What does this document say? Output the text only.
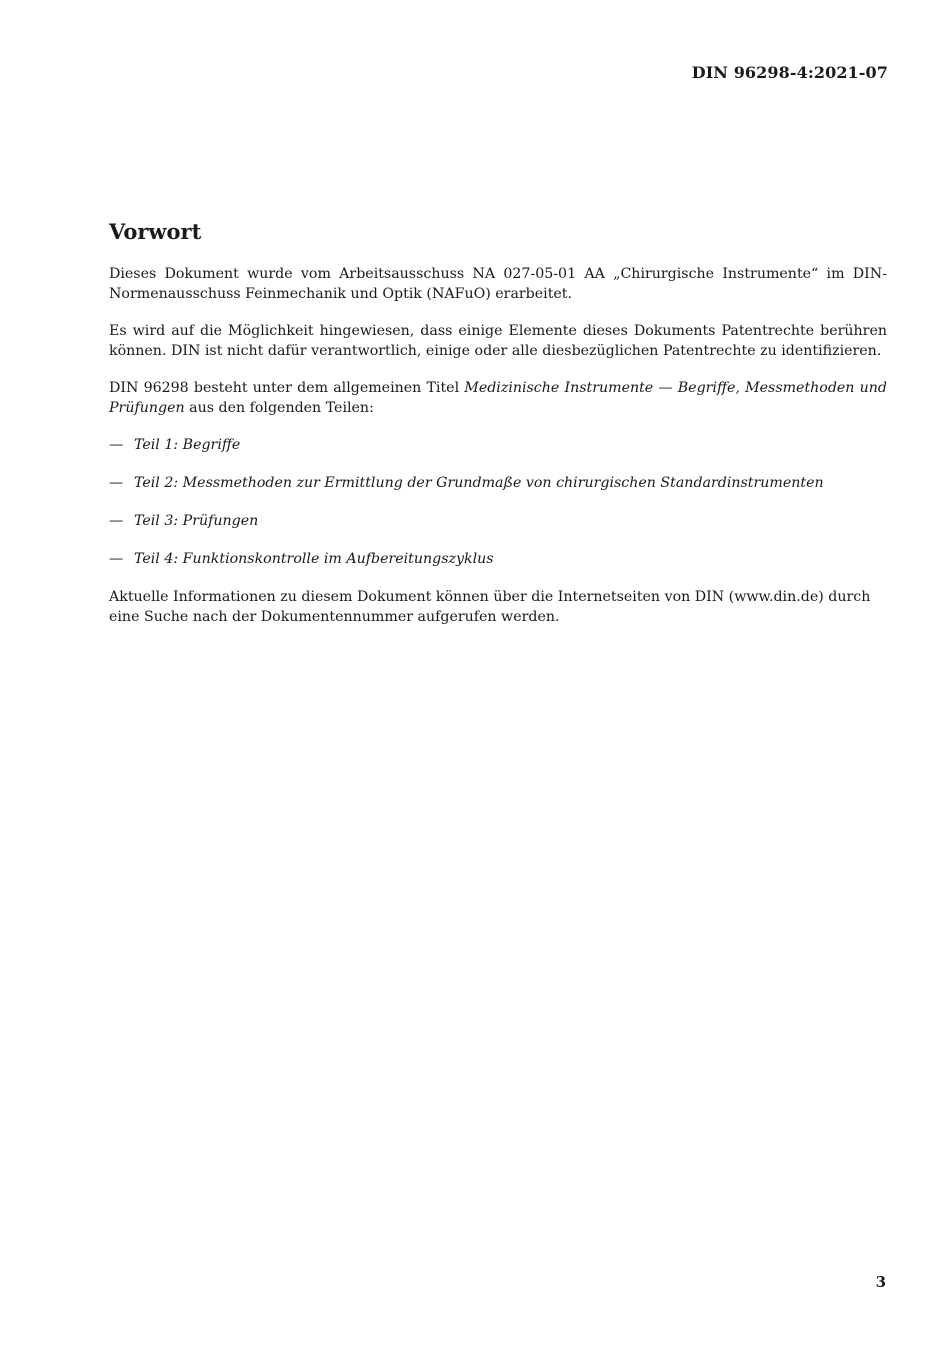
DIN 96298-4:2021-07
Vorwort

Dieses Dokument wurde vom Arbeitsausschuss NA 027-05-01 AA „Chirurgische Instrumente“ im DIN-Normenausschuss Feinmechanik und Optik (NAFuO) erarbeitet.

Es wird auf die Möglichkeit hingewiesen, dass einige Elemente dieses Dokuments Patentrechte berühren können. DIN ist nicht dafür verantwortlich, einige oder alle diesbezüglichen Patentrechte zu identifizieren.

DIN 96298 besteht unter dem allgemeinen Titel Medizinische Instrumente — Begriffe, Messmethoden und Prüfungen aus den folgenden Teilen:

— Teil 1: Begriffe
— Teil 2: Messmethoden zur Ermittlung der Grundmaße von chirurgischen Standardinstrumenten
— Teil 3: Prüfungen
— Teil 4: Funktionskontrolle im Aufbereitungszyklus

Aktuelle Informationen zu diesem Dokument können über die Internetseiten von DIN (www.din.de) durch eine Suche nach der Dokumentennummer aufgerufen werden.

3
